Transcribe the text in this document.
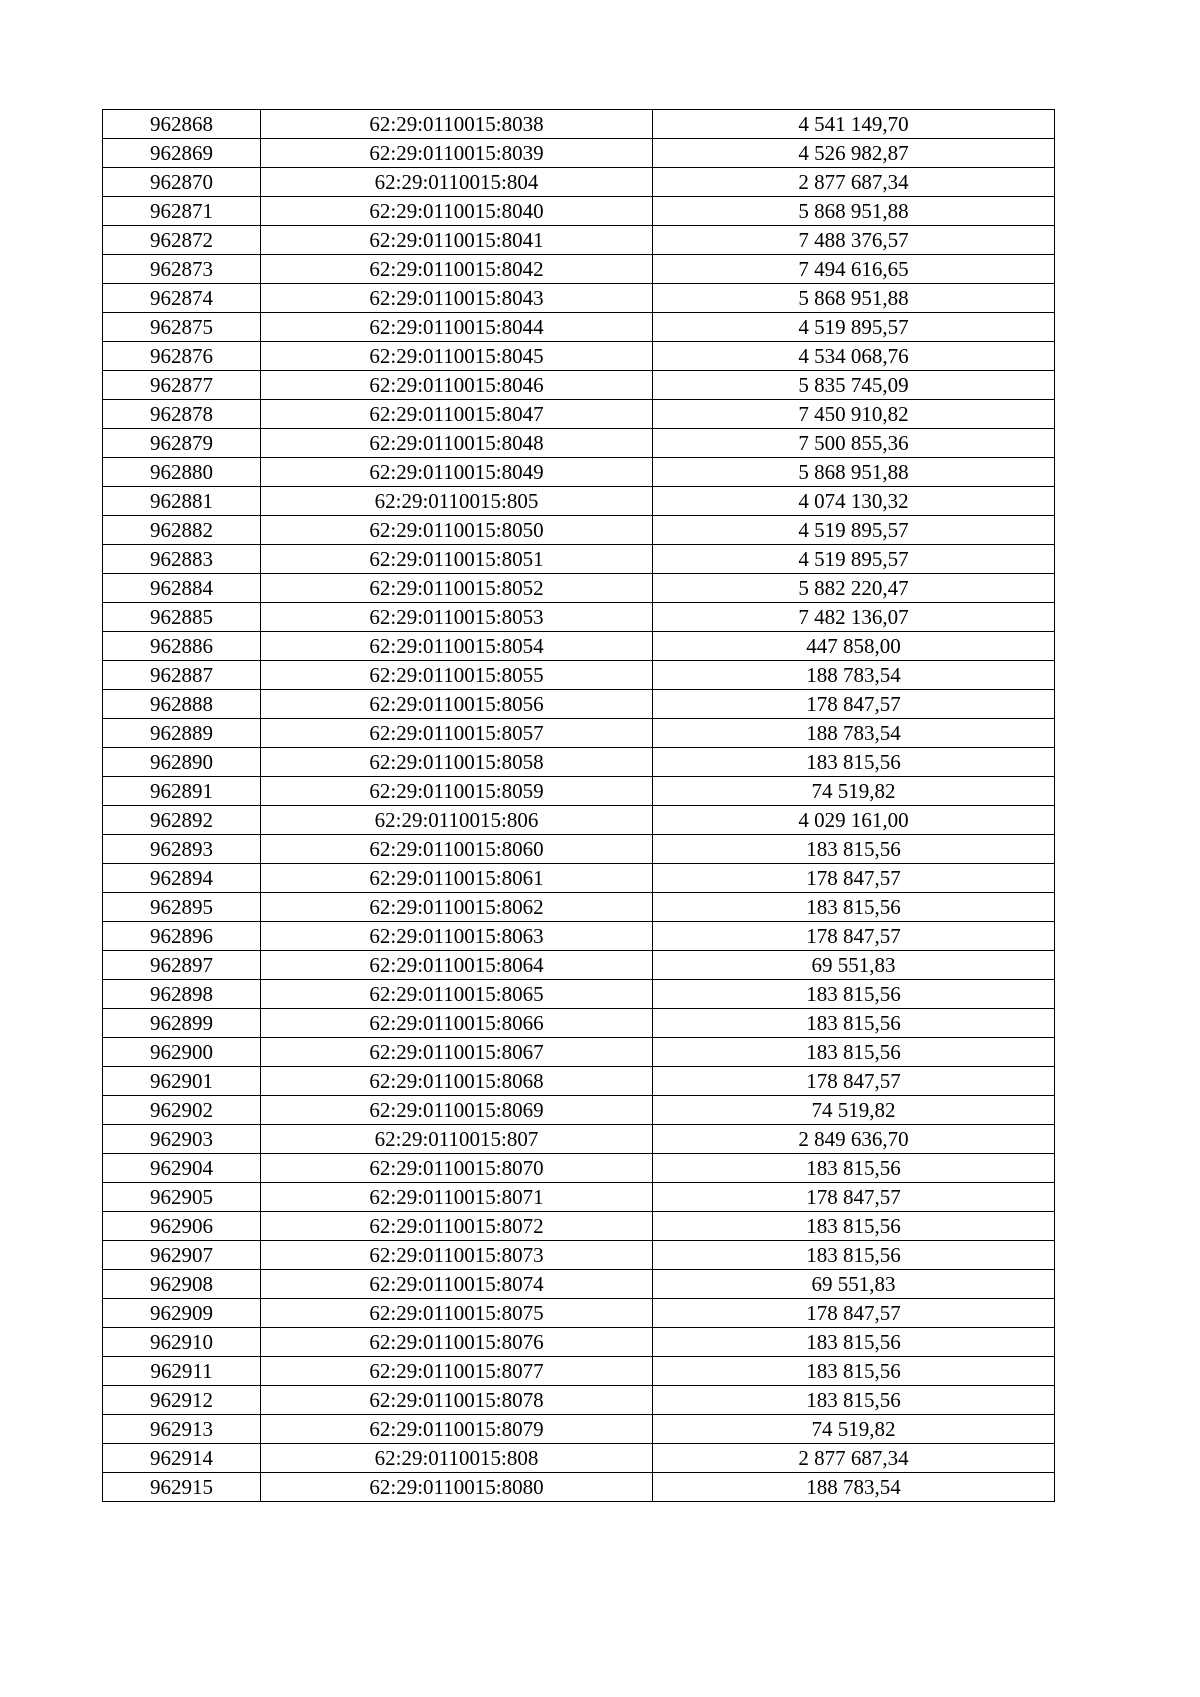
962868	62:29:0110015:8038	4 541 149,70
962869	62:29:0110015:8039	4 526 982,87
962870	62:29:0110015:804	2 877 687,34
962871	62:29:0110015:8040	5 868 951,88
962872	62:29:0110015:8041	7 488 376,57
962873	62:29:0110015:8042	7 494 616,65
962874	62:29:0110015:8043	5 868 951,88
962875	62:29:0110015:8044	4 519 895,57
962876	62:29:0110015:8045	4 534 068,76
962877	62:29:0110015:8046	5 835 745,09
962878	62:29:0110015:8047	7 450 910,82
962879	62:29:0110015:8048	7 500 855,36
962880	62:29:0110015:8049	5 868 951,88
962881	62:29:0110015:805	4 074 130,32
962882	62:29:0110015:8050	4 519 895,57
962883	62:29:0110015:8051	4 519 895,57
962884	62:29:0110015:8052	5 882 220,47
962885	62:29:0110015:8053	7 482 136,07
962886	62:29:0110015:8054	447 858,00
962887	62:29:0110015:8055	188 783,54
962888	62:29:0110015:8056	178 847,57
962889	62:29:0110015:8057	188 783,54
962890	62:29:0110015:8058	183 815,56
962891	62:29:0110015:8059	74 519,82
962892	62:29:0110015:806	4 029 161,00
962893	62:29:0110015:8060	183 815,56
962894	62:29:0110015:8061	178 847,57
962895	62:29:0110015:8062	183 815,56
962896	62:29:0110015:8063	178 847,57
962897	62:29:0110015:8064	69 551,83
962898	62:29:0110015:8065	183 815,56
962899	62:29:0110015:8066	183 815,56
962900	62:29:0110015:8067	183 815,56
962901	62:29:0110015:8068	178 847,57
962902	62:29:0110015:8069	74 519,82
962903	62:29:0110015:807	2 849 636,70
962904	62:29:0110015:8070	183 815,56
962905	62:29:0110015:8071	178 847,57
962906	62:29:0110015:8072	183 815,56
962907	62:29:0110015:8073	183 815,56
962908	62:29:0110015:8074	69 551,83
962909	62:29:0110015:8075	178 847,57
962910	62:29:0110015:8076	183 815,56
962911	62:29:0110015:8077	183 815,56
962912	62:29:0110015:8078	183 815,56
962913	62:29:0110015:8079	74 519,82
962914	62:29:0110015:808	2 877 687,34
962915	62:29:0110015:8080	188 783,54
